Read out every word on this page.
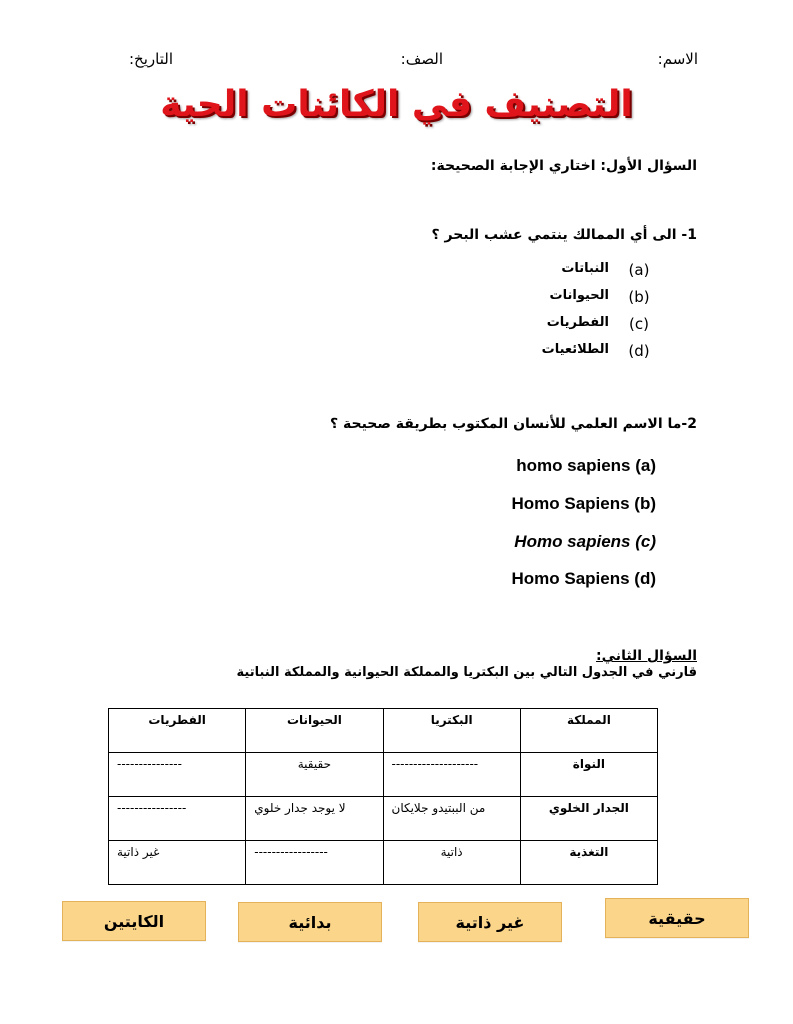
الاسم:
الصف:
التاريخ:
التصنيف في الكائنات الحية
السؤال الأول: اختاري الإجابة الصحيحة:
1- الى أي الممالك ينتمي عشب البحر ؟
(a)
النباتات
(b)
الحيوانات
(c)
الفطريات
(d)
الطلائعيات
2-ما الاسم العلمي للأنسان المكتوب بطريقة صحيحة ؟
homo sapiens (a)
Homo Sapiens (b)
Homo sapiens (c)
Homo Sapiens (d)
السؤال الثاني:
قارني في الجدول التالي بين البكتريا والمملكة الحيوانية والمملكة النباتية
المملكة	البكتريا	الحيوانات	الفطريات
النواة	--------------------	حقيقية	---------------
الجدار الخلوي	من الببتيدو جلايكان	لا يوجد جدار خلوي	----------------
التغذية	ذاتية	-----------------	غير ذاتية
حقيقية
غير ذاتية
بدائية
الكايتين
